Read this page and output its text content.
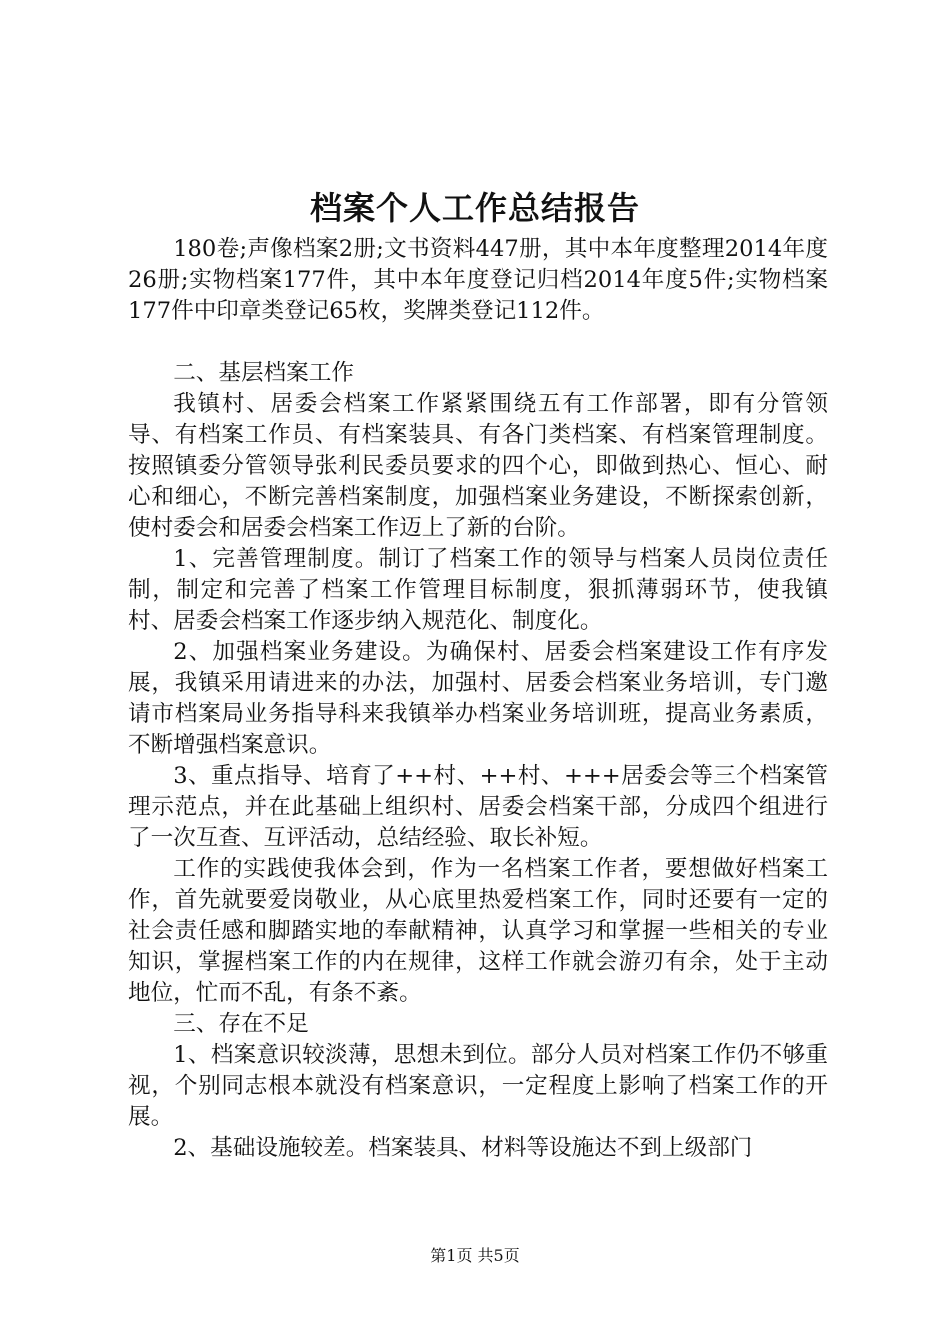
档案个人工作总结报告

180卷;声像档案2册;文书资料447册，其中本年度整理2014年度26册;实物档案177件，其中本年度登记归档2014年度5件;实物档案177件中印章类登记65枚，奖牌类登记112件。

二、基层档案工作

我镇村、居委会档案工作紧紧围绕五有工作部署，即有分管领导、有档案工作员、有档案装具、有各门类档案、有档案管理制度。按照镇委分管领导张利民委员要求的四个心，即做到热心、恒心、耐心和细心，不断完善档案制度，加强档案业务建设，不断探索创新，使村委会和居委会档案工作迈上了新的台阶。

1、完善管理制度。制订了档案工作的领导与档案人员岗位责任制，制定和完善了档案工作管理目标制度，狠抓薄弱环节，使我镇村、居委会档案工作逐步纳入规范化、制度化。

2、加强档案业务建设。为确保村、居委会档案建设工作有序发展，我镇采用请进来的办法，加强村、居委会档案业务培训，专门邀请市档案局业务指导科来我镇举办档案业务培训班，提高业务素质，不断增强档案意识。

3、重点指导、培育了++村、++村、+++居委会等三个档案管理示范点，并在此基础上组织村、居委会档案干部，分成四个组进行了一次互查、互评活动，总结经验、取长补短。

工作的实践使我体会到，作为一名档案工作者，要想做好档案工作，首先就要爱岗敬业，从心底里热爱档案工作，同时还要有一定的社会责任感和脚踏实地的奉献精神，认真学习和掌握一些相关的专业知识，掌握档案工作的内在规律，这样工作就会游刃有余，处于主动地位，忙而不乱，有条不紊。

三、存在不足

1、档案意识较淡薄，思想未到位。部分人员对档案工作仍不够重视，个别同志根本就没有档案意识，一定程度上影响了档案工作的开展。

2、基础设施较差。档案装具、材料等设施达不到上级部门

第1页 共5页
